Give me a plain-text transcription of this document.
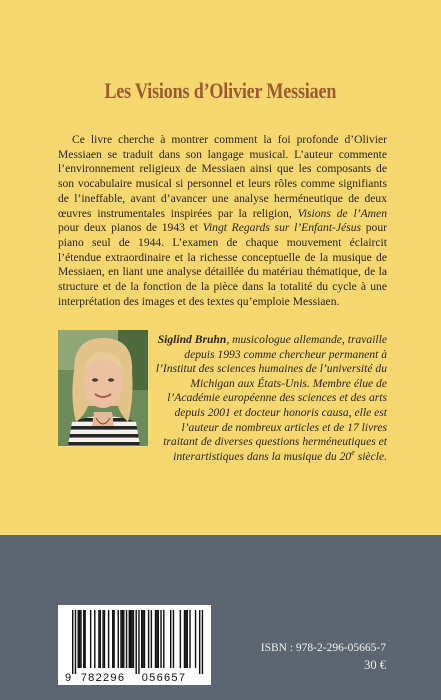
Les Visions d’Olivier Messiaen
Ce livre cherche à montrer comment la foi profonde d’Olivier Messiaen se traduit dans son langage musical. L’auteur commente l’environnement religieux de Messiaen ainsi que les composants de son vocabulaire musical si personnel et leurs rôles comme signifiants de l’ineffable, avant d’avancer une analyse herméneutique de deux œuvres instrumentales inspirées par la religion, Visions de l’Amen pour deux pianos de 1943 et Vingt Regards sur l’Enfant-Jésus pour piano seul de 1944. L’examen de chaque mouvement éclaircit l’étendue extraordinaire et la richesse conceptuelle de la musique de Messiaen, en liant une analyse détaillée du matériau thématique, de la structure et de la fonction de la pièce dans la totalité du cycle à une interprétation des images et des textes qu’emploie Messiaen.
Siglind Bruhn, musicologue allemande, travaille depuis 1993 comme chercheur permanent à l’Institut des sciences humaines de l’université du Michigan aux États-Unis. Membre élue de l’Académie européenne des sciences et des arts depuis 2001 et docteur honoris causa, elle est l’auteur de nombreux articles et de 17 livres traitant de diverses questions herméneutiques et interartistiques dans la musique du 20e siècle.
9 782296 056657
ISBN : 978-2-296-05665-7
30 €
